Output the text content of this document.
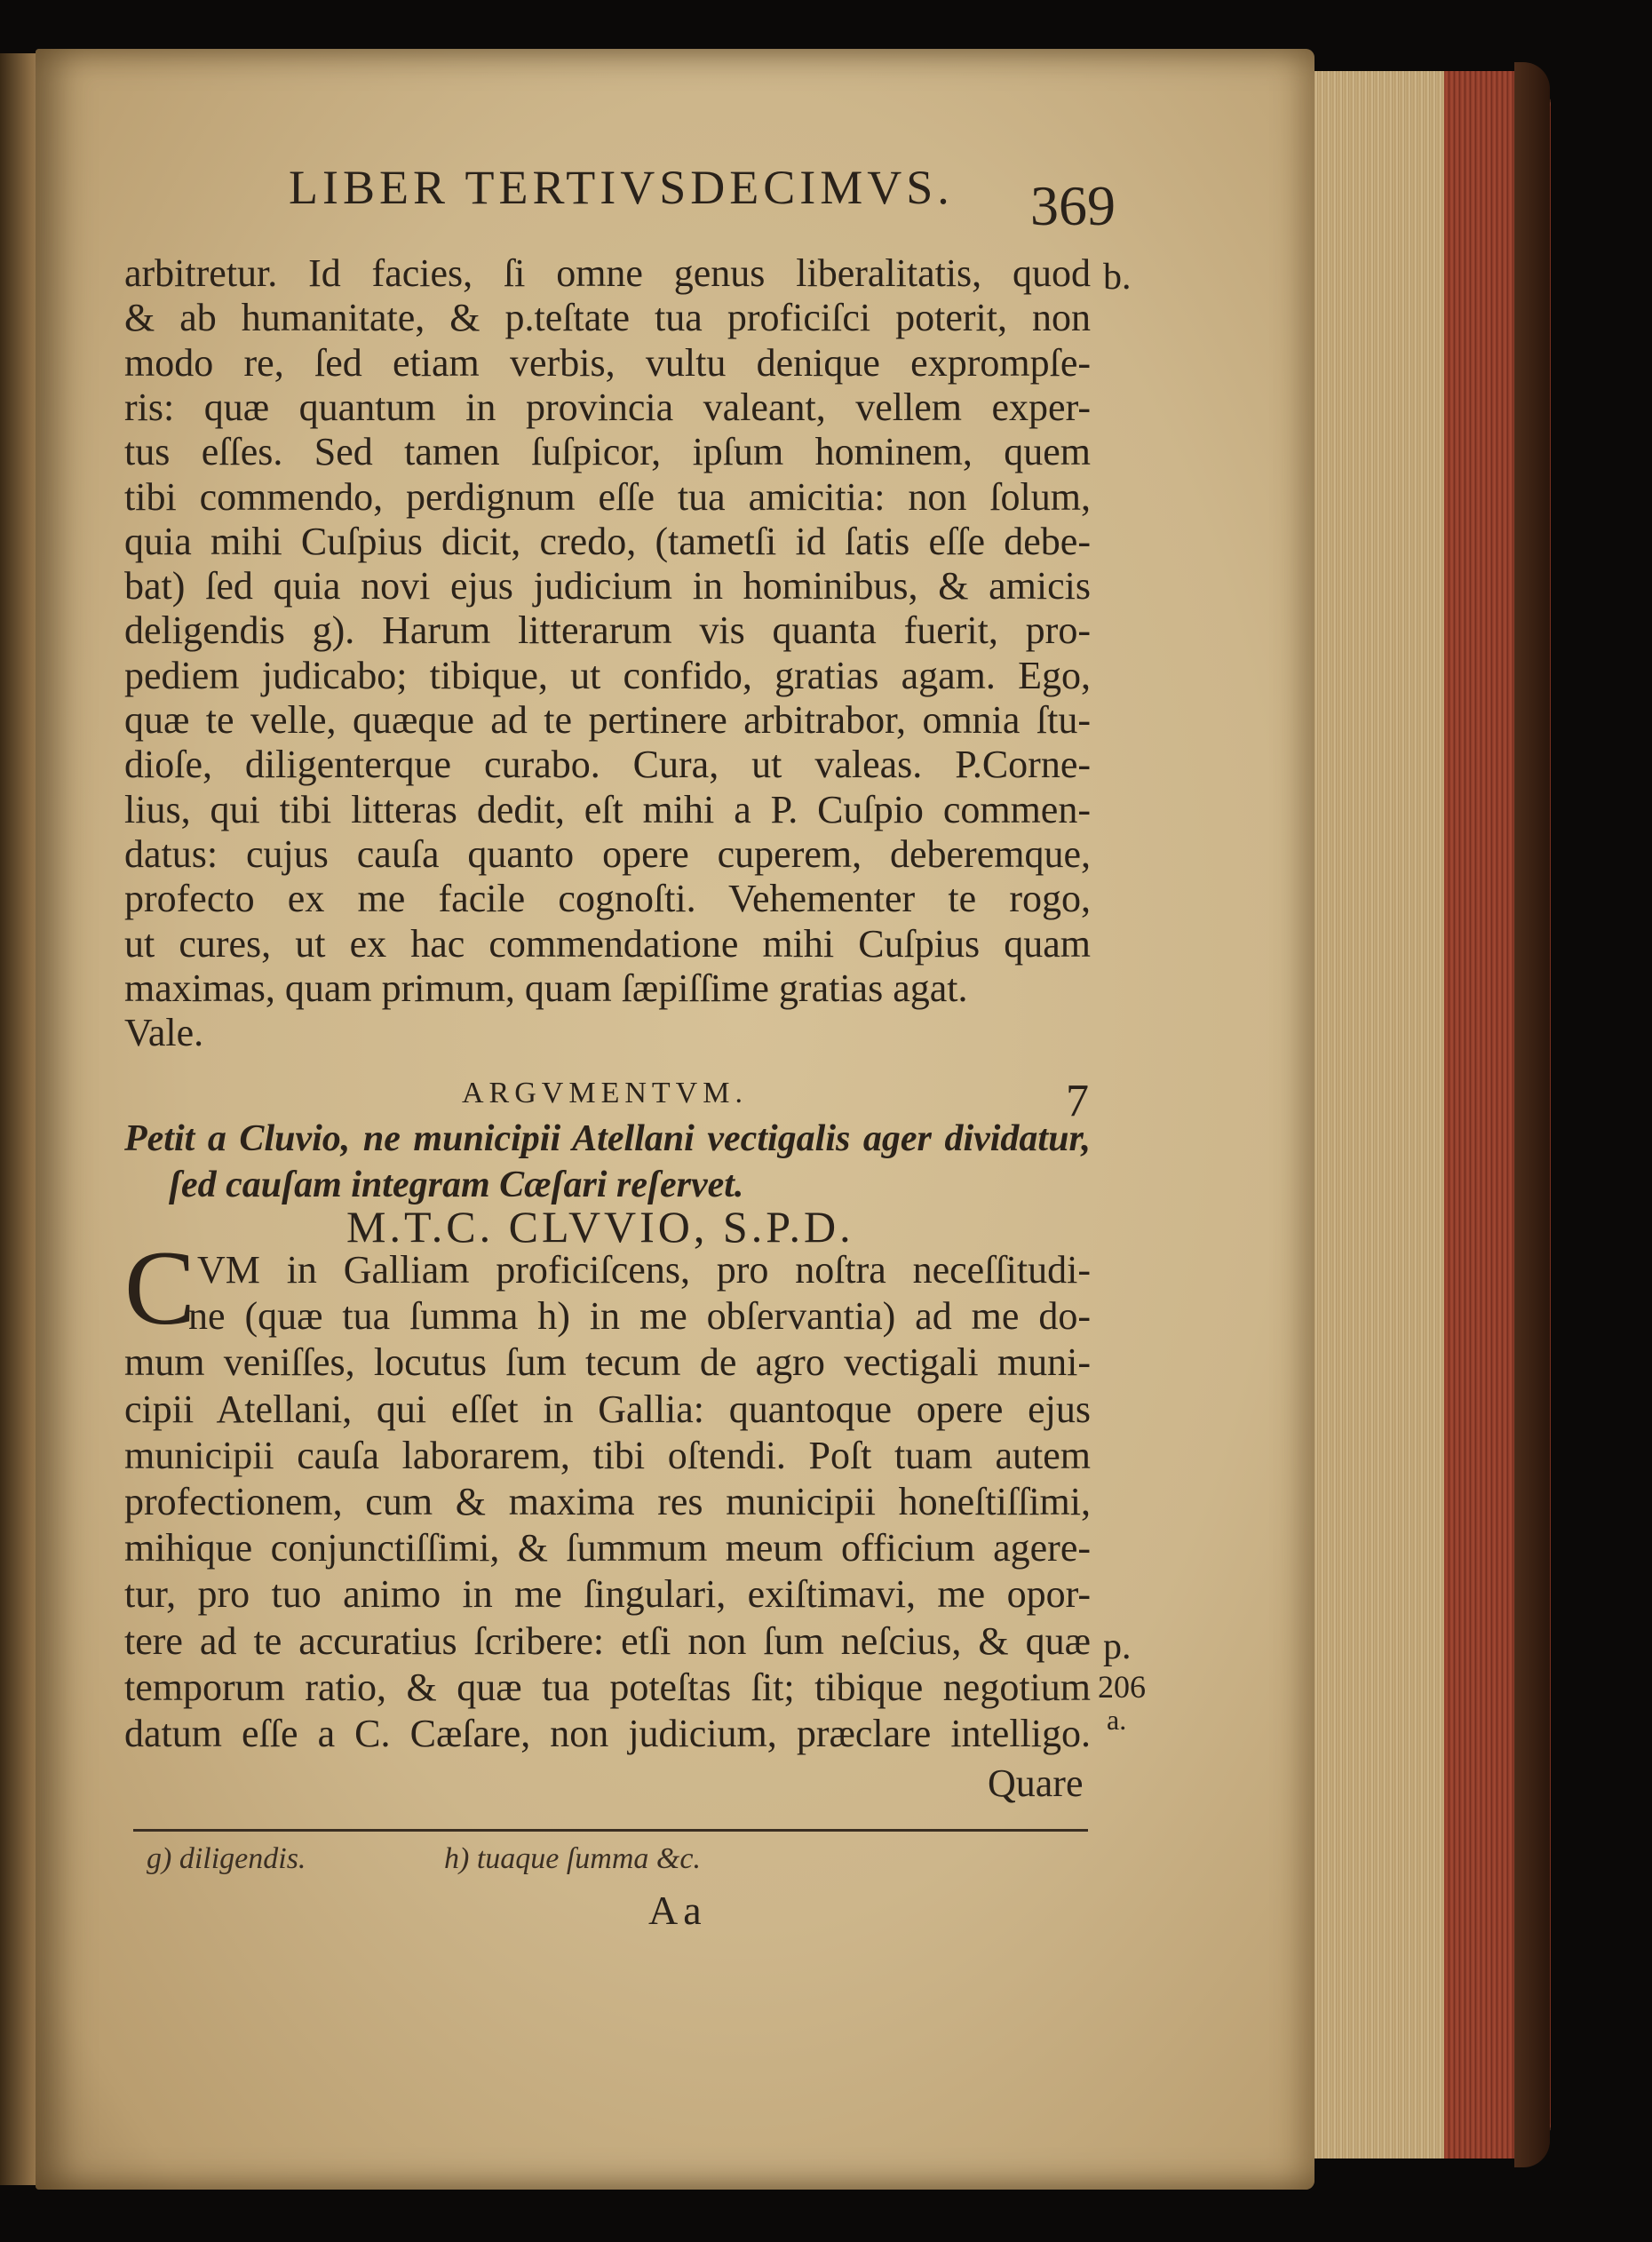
LIBER TERTIVSDECIMVS. 369
arbitretur. Id facies, ſi omne genus liberalitatis, quod
& ab humanitate, & p.teſtate tua proficiſci poterit, non
modo re, ſed etiam verbis, vultu denique exprompſe-
ris: quæ quantum in provincia valeant, vellem exper-
tus eſſes. Sed tamen ſuſpicor, ipſum hominem, quem
tibi commendo, perdignum eſſe tua amicitia: non ſolum,
quia mihi Cuſpius dicit, credo, (tametſi id ſatis eſſe debe-
bat) ſed quia novi ejus judicium in hominibus, & amicis
deligendis g). Harum litterarum vis quanta fuerit, pro-
pediem judicabo; tibique, ut confido, gratias agam. Ego,
quæ te velle, quæque ad te pertinere arbitrabor, omnia ſtu-
dioſe, diligenterque curabo. Cura, ut valeas. P.Corne-
lius, qui tibi litteras dedit, eſt mihi a P. Cuſpio commen-
datus: cujus cauſa quanto opere cuperem, deberemque,
profecto ex me facile cognoſti. Vehementer te rogo,
ut cures, ut ex hac commendatione mihi Cuſpius quam
maximas, quam primum, quam ſæpiſſime gratias agat.
Vale.
b.
ARGVMENTVM.	7
Petit a Cluvio, ne municipii Atellani vectigalis ager dividatur,
ſed cauſam integram Cæſari reſervet.
M.T.C. CLVVIO, S.P.D.
C VM in Galliam proficiſcens, pro noſtra neceſſitudi-
ne (quæ tua ſumma h) in me obſervantia) ad me do-
mum veniſſes, locutus ſum tecum de agro vectigali muni-
cipii Atellani, qui eſſet in Gallia: quantoque opere ejus
municipii cauſa laborarem, tibi oſtendi. Poſt tuam autem
profectionem, cum & maxima res municipii honeſtiſſimi,
mihique conjunctiſſimi, & ſummum meum officium agere-
tur, pro tuo animo in me ſingulari, exiſtimavi, me opor-
tere ad te accuratius ſcribere: etſi non ſum neſcius, & quæ
temporum ratio, & quæ tua poteſtas ſit; tibique negotium
datum eſſe a C. Cæſare, non judicium, præclare intelligo.
Quare
p.
206
a.
g) diligendis.	h) tuaque ſumma &c.
Aa
